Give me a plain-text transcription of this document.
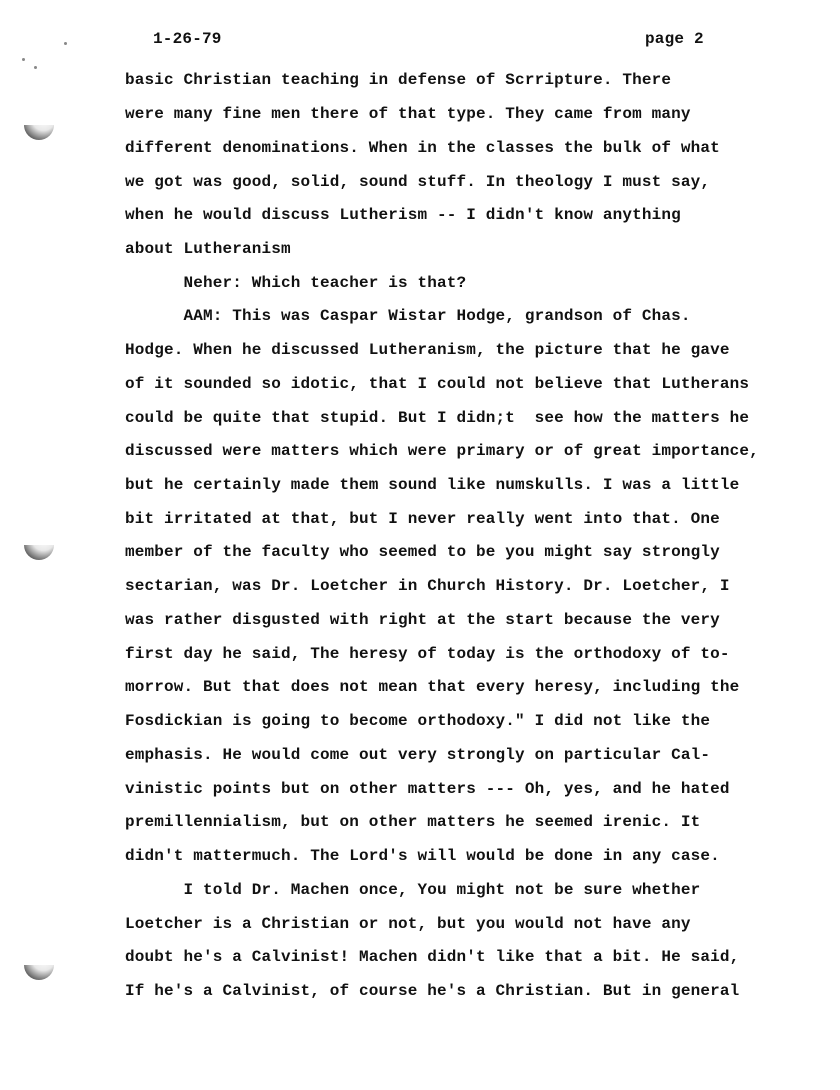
1-26-79	page 2
basic Christian teaching in defense of Scrripture. There
were many fine men there of that type. They came from many
different denominations. When in the classes the bulk of what
we got was good, solid, sound stuff. In theology I must say,
when he would discuss Lutherism -- I didn't know anything
about Lutheranism
Neher: Which teacher is that?
AAM: This was Caspar Wistar Hodge, grandson of Chas.
Hodge. When he discussed Lutheranism, the picture that he gave
of it sounded so idotic, that I could not believe that Lutherans
could be quite that stupid. But I didn;t  see how the matters he
discussed were matters which were primary or of great importance,
but he certainly made them sound like numskulls. I was a little
bit irritated at that, but I never really went into that. One
member of the faculty who seemed to be you might say strongly
sectarian, was Dr. Loetcher in Church History. Dr. Loetcher, I
was rather disgusted with right at the start because the very
first day he said, The heresy of today is the orthodoxy of to-
morrow. But that does not mean that every heresy, including the
Fosdickian is going to become orthodoxy." I did not like the
emphasis. He would come out very strongly on particular Cal-
vinistic points but on other matters --- Oh, yes, and he hated
premillennialism, but on other matters he seemed irenic. It
didn't mattermuch. The Lord's will would be done in any case.
I told Dr. Machen once, You might not be sure whether
Loetcher is a Christian or not, but you would not have any
doubt he's a Calvinist! Machen didn't like that a bit. He said,
If he's a Calvinist, of course he's a Christian. But in general
